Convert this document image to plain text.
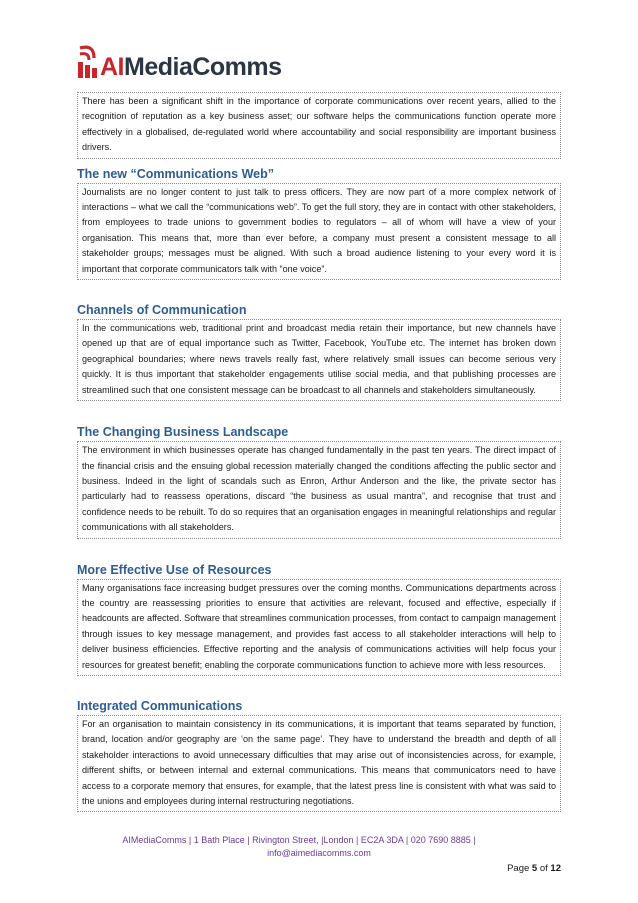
AIMediaComms
There has been a significant shift in the importance of corporate communications over recent years, allied to the recognition of reputation as a key business asset; our software helps the communications function operate more effectively in a globalised, de-regulated world where accountability and social responsibility are important business drivers.
The new “Communications Web”
Journalists are no longer content to just talk to press officers. They are now part of a more complex network of interactions – what we call the “communications web”. To get the full story, they are in contact with other stakeholders, from employees to trade unions to government bodies to regulators – all of whom will have a view of your organisation. This means that, more than ever before, a company must present a consistent message to all stakeholder groups; messages must be aligned. With such a broad audience listening to your every word it is important that corporate communicators talk with “one voice”.
Channels of Communication
In the communications web, traditional print and broadcast media retain their importance, but new channels have opened up that are of equal importance such as Twitter, Facebook, YouTube etc. The internet has broken down geographical boundaries; where news travels really fast, where relatively small issues can become serious very quickly. It is thus important that stakeholder engagements utilise social media, and that publishing processes are streamlined such that one consistent message can be broadcast to all channels and stakeholders simultaneously.
The Changing Business Landscape
The environment in which businesses operate has changed fundamentally in the past ten years. The direct impact of the financial crisis and the ensuing global recession materially changed the conditions affecting the public sector and business. Indeed in the light of scandals such as Enron, Arthur Anderson and the like, the private sector has particularly had to reassess operations, discard “the business as usual mantra”, and recognise that trust and confidence needs to be rebuilt. To do so requires that an organisation engages in meaningful relationships and regular communications with all stakeholders.
More Effective Use of Resources
Many organisations face increasing budget pressures over the coming months. Communications departments across the country are reassessing priorities to ensure that activities are relevant, focused and effective, especially if headcounts are affected. Software that streamlines communication processes, from contact to campaign management through issues to key message management, and provides fast access to all stakeholder interactions will help to deliver business efficiencies. Effective reporting and the analysis of communications activities will help focus your resources for greatest benefit; enabling the corporate communications function to achieve more with less resources.
Integrated Communications
For an organisation to maintain consistency in its communications, it is important that teams separated by function, brand, location and/or geography are ‘on the same page’. They have to understand the breadth and depth of all stakeholder interactions to avoid unnecessary difficulties that may arise out of inconsistencies across, for example, different shifts, or between internal and external communications. This means that communicators need to have access to a corporate memory that ensures, for example, that the latest press line is consistent with what was said to the unions and employees during internal restructuring negotiations.
AIMediaComms | 1 Bath Place | Rivington Street, |London | EC2A 3DA | 020 7690 8885 |
info@aimediacomms.com
Page 5 of 12
